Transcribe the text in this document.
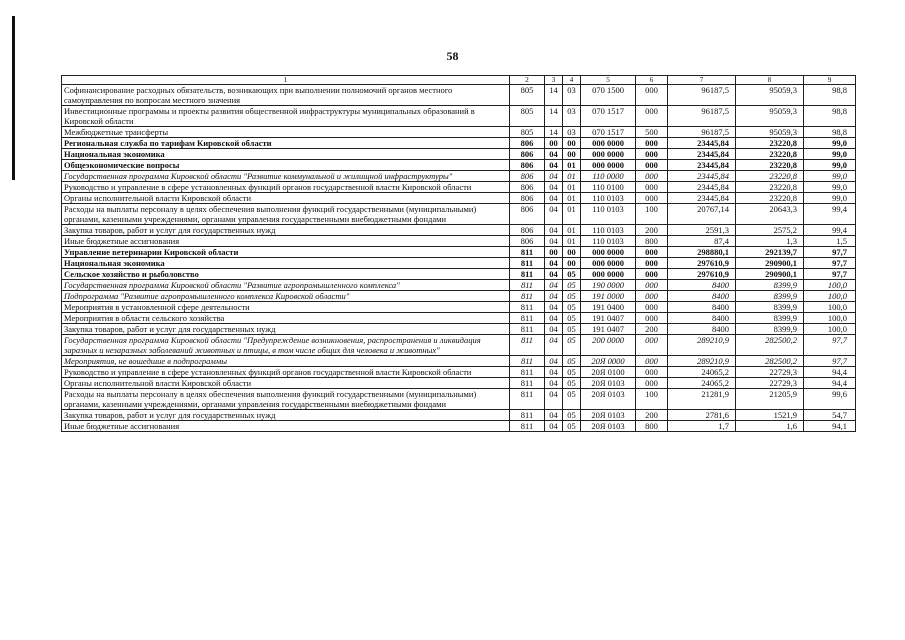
58
1	2	3	4	5	6	7	8	9
Софинансирование расходных обязательств, возникающих при выполнении полномочий органов местного самоуправления по вопросам местного значения	805	14	03	070 1500	000	96187,5	95059,3	98,8
Инвестиционные программы и проекты развития общественной инфраструктуры муниципальных образований в Кировской области	805	14	03	070 1517	000	96187,5	95059,3	98,8
Межбюджетные трансферты	805	14	03	070 1517	500	96187,5	95059,3	98,8
Региональная служба по тарифам Кировской области	806	00	00	000 0000	000	23445,84	23220,8	99,0
Национальная экономика	806	04	00	000 0000	000	23445,84	23220,8	99,0
Общеэкономические вопросы	806	04	01	000 0000	000	23445,84	23220,8	99,0
Государственная программа Кировской области "Развитие коммунальной и жилищной инфраструктуры"	806	04	01	110 0000	000	23445,84	23220,8	99,0
Руководство и управление в сфере установленных функций органов государственной власти Кировской области	806	04	01	110 0100	000	23445,84	23220,8	99,0
Органы исполнительной власти Кировской области	806	04	01	110 0103	000	23445,84	23220,8	99,0
Расходы на выплаты персоналу в целях обеспечения выполнения функций государственными (муниципальными) органами, казенными учреждениями, органами управления государственными внебюджетными фондами	806	04	01	110 0103	100	20767,14	20643,3	99,4
Закупка товаров, работ и услуг для государственных нужд	806	04	01	110 0103	200	2591,3	2575,2	99,4
Иные бюджетные ассигнования	806	04	01	110 0103	800	87,4	1,3	1,5
Управление ветеринарии Кировской области	811	00	00	000 0000	000	298880,1	292139,7	97,7
Национальная экономика	811	04	00	000 0000	000	297610,9	290900,1	97,7
Сельское хозяйство и рыболовство	811	04	05	000 0000	000	297610,9	290900,1	97,7
Государственная программа Кировской области "Развитие агропромышленного комплекса"	811	04	05	190 0000	000	8400	8399,9	100,0
Подпрограмма "Развитие агропромышленного комплекса Кировской области"	811	04	05	191 0000	000	8400	8399,9	100,0
Мероприятия в установленной сфере деятельности	811	04	05	191 0400	000	8400	8399,9	100,0
Мероприятия в области сельского хозяйства	811	04	05	191 0407	000	8400	8399,9	100,0
Закупка товаров, работ и услуг для государственных нужд	811	04	05	191 0407	200	8400	8399,9	100,0
Государственная программа Кировской области "Предупреждение возникновения, распространения и ликвидация заразных и незаразных заболеваний животных и птицы, в том числе общих для человека и животных"	811	04	05	200 0000	000	289210,9	282500,2	97,7
Мероприятия, не вошедшие в подпрограммы	811	04	05	20Я 0000	000	289210,9	282500,2	97,7
Руководство и управление в сфере установленных функций органов государственной власти Кировской области	811	04	05	20Я 0100	000	24065,2	22729,3	94,4
Органы исполнительной власти Кировской области	811	04	05	20Я 0103	000	24065,2	22729,3	94,4
Расходы на выплаты персоналу в целях обеспечения выполнения функций государственными (муниципальными) органами, казенными учреждениями, органами управления государственными внебюджетными фондами	811	04	05	20Я 0103	100	21281,9	21205,9	99,6
Закупка товаров, работ и услуг для государственных нужд	811	04	05	20Я 0103	200	2781,6	1521,9	54,7
Иные бюджетные ассигнования	811	04	05	20Я 0103	800	1,7	1,6	94,1
